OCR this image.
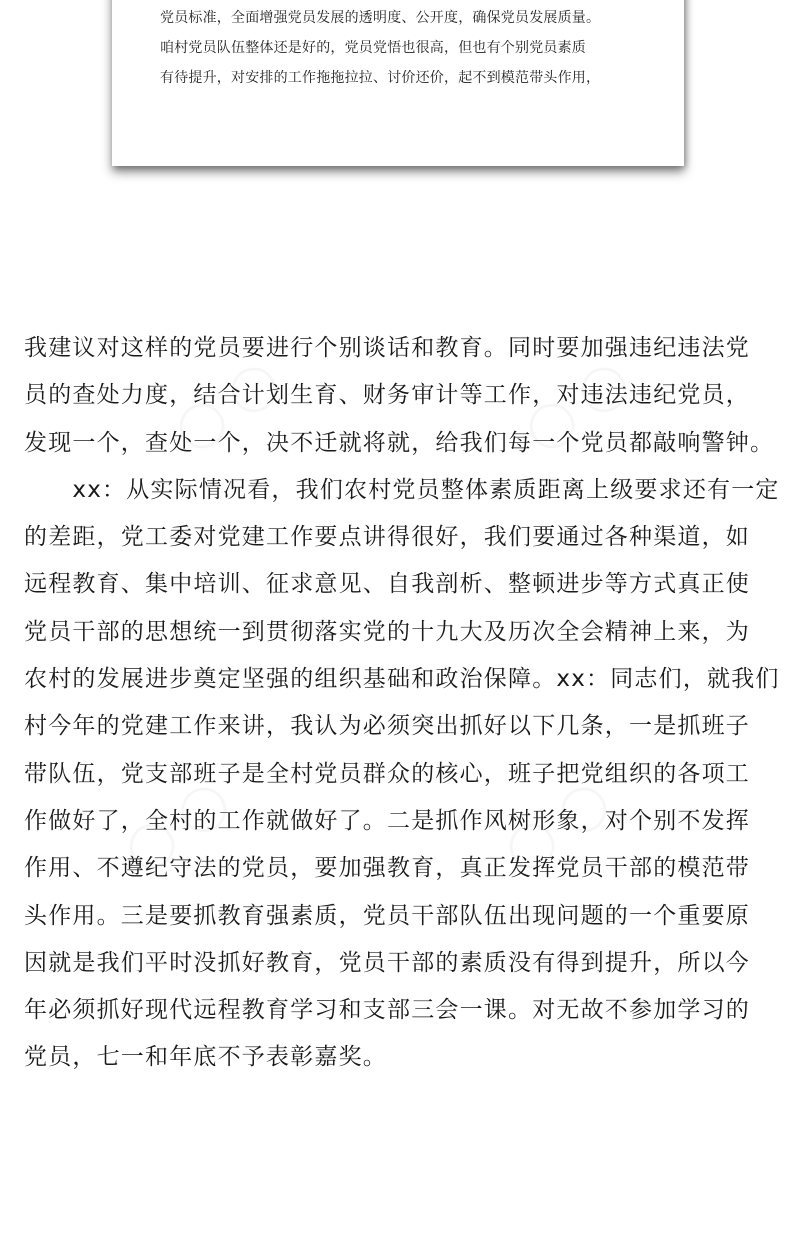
党员标准，全面增强党员发展的透明度、公开度，确保党员发展质量。
咱村党员队伍整体还是好的，党员党悟也很高，但也有个别党员素质
有待提升，对安排的工作拖拖拉拉、讨价还价，起不到模范带头作用，
我建议对这样的党员要进行个别谈话和教育。同时要加强违纪违法党
员的查处力度，结合计划生育、财务审计等工作，对违法违纪党员，
发现一个，查处一个，决不迁就将就，给我们每一个党员都敲响警钟。
　　xx：从实际情况看，我们农村党员整体素质距离上级要求还有一定
的差距，党工委对党建工作要点讲得很好，我们要通过各种渠道，如
远程教育、集中培训、征求意见、自我剖析、整顿进步等方式真正使
党员干部的思想统一到贯彻落实党的十九大及历次全会精神上来，为
农村的发展进步奠定坚强的组织基础和政治保障。xx：同志们，就我们
村今年的党建工作来讲，我认为必须突出抓好以下几条，一是抓班子
带队伍，党支部班子是全村党员群众的核心，班子把党组织的各项工
作做好了，全村的工作就做好了。二是抓作风树形象，对个别不发挥
作用、不遵纪守法的党员，要加强教育，真正发挥党员干部的模范带
头作用。三是要抓教育强素质，党员干部队伍出现问题的一个重要原
因就是我们平时没抓好教育，党员干部的素质没有得到提升，所以今
年必须抓好现代远程教育学习和支部三会一课。对无故不参加学习的
党员，七一和年底不予表彰嘉奖。
